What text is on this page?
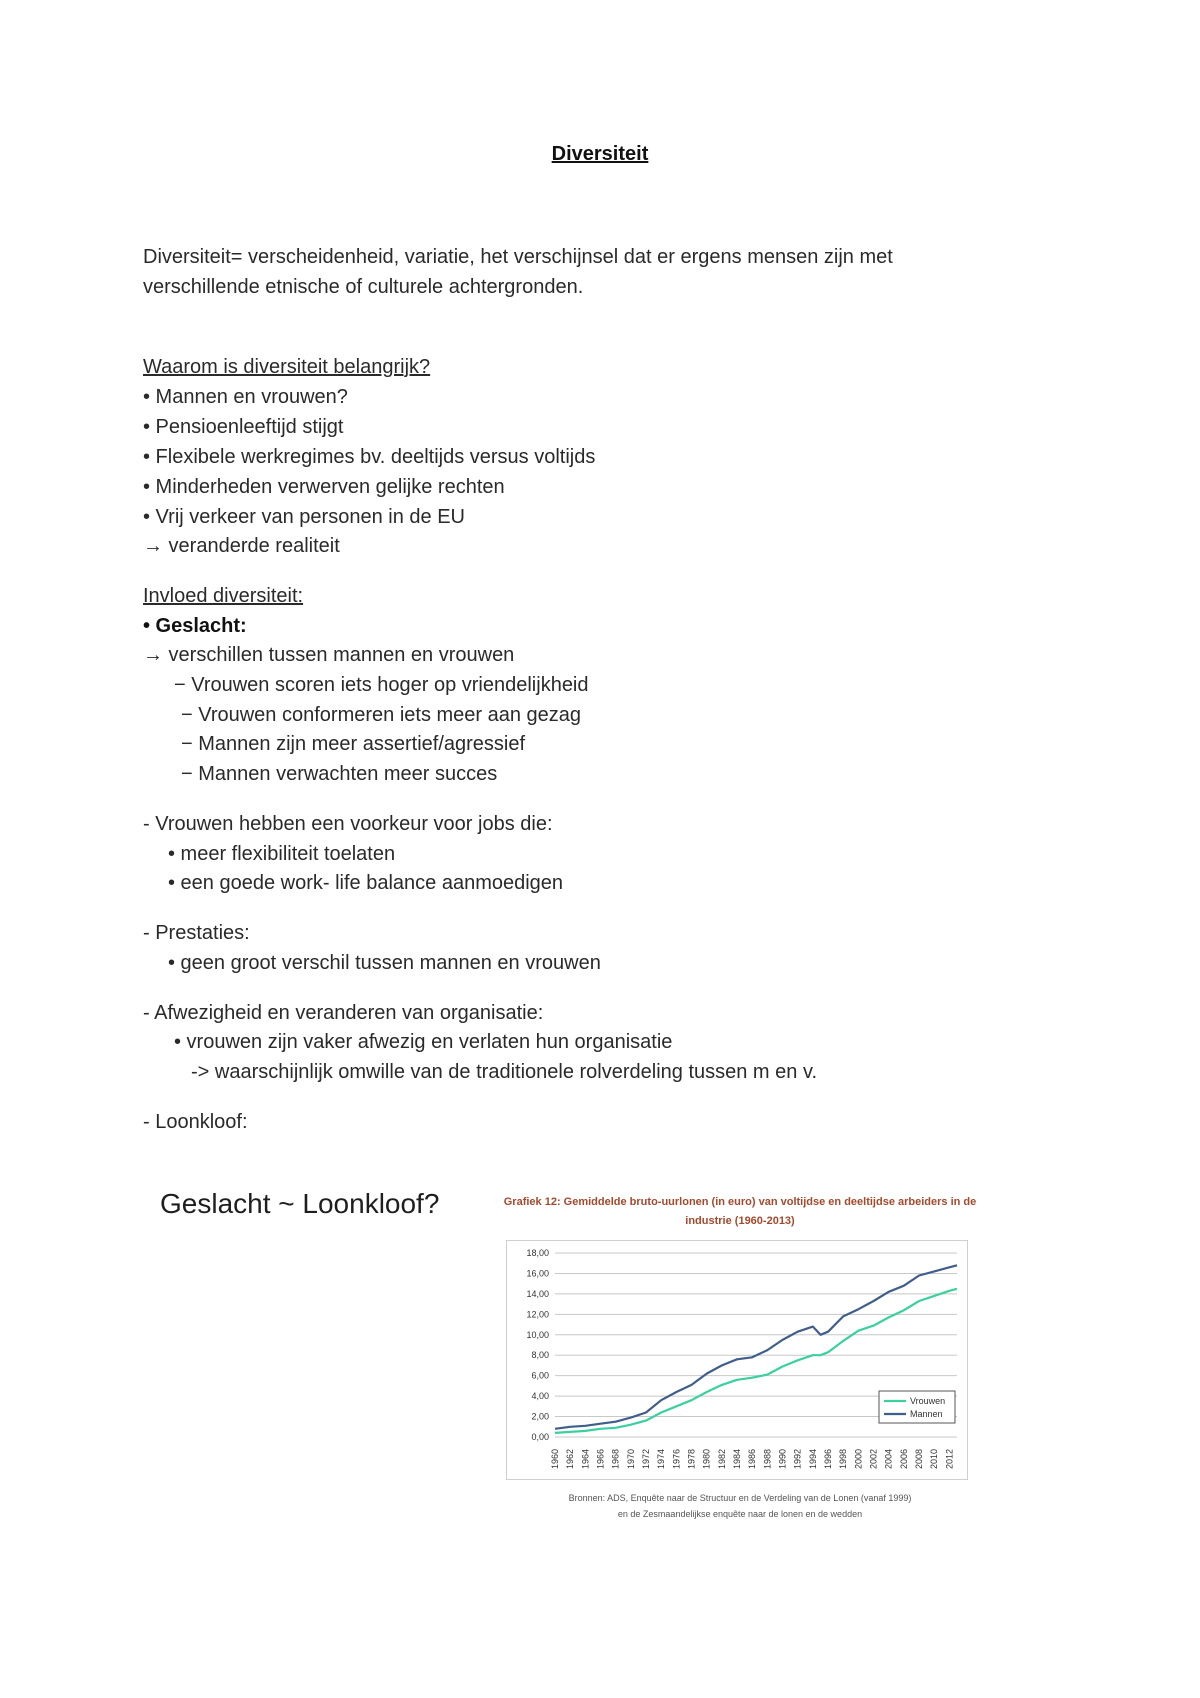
Diversiteit
Diversiteit= verscheidenheid, variatie, het verschijnsel dat er ergens mensen zijn met
verschillende etnische of culturele achtergronden.
Waarom is diversiteit belangrijk?
• Mannen en vrouwen?
• Pensioenleeftijd stijgt
• Flexibele werkregimes bv. deeltijds versus voltijds
• Minderheden verwerven gelijke rechten
• Vrij verkeer van personen in de EU
→ veranderde realiteit
Invloed diversiteit:
• Geslacht:
→ verschillen tussen mannen en vrouwen
− Vrouwen scoren iets hoger op vriendelijkheid
− Vrouwen conformeren iets meer aan gezag
− Mannen zijn meer assertief/agressief
− Mannen verwachten meer succes
- Vrouwen hebben een voorkeur voor jobs die:
• meer flexibiliteit toelaten
• een goede work- life balance aanmoedigen
- Prestaties:
• geen groot verschil tussen mannen en vrouwen
- Afwezigheid en veranderen van organisatie:
• vrouwen zijn vaker afwezig en verlaten hun organisatie
-> waarschijnlijk omwille van de traditionele rolverdeling tussen m en v.
- Loonkloof:
Geslacht ~ Loonkloof?	Grafiek 12: Gemiddelde bruto-uurlonen (in euro) van voltijdse en deeltijdse arbeiders in de
industrie (1960-2013)
0,00
2,00
4,00
6,00
8,00
10,00
12,00
14,00
16,00
18,00
1960 1962 1964 1966 1968 1970 1972 1974 1976 1978 1980 1982 1984 1986 1988 1990 1992 1994 1996 1998 2000 2002 2004 2006 2008 2010 2012
Vrouwen
Mannen
Bronnen: ADS, Enquête naar de Structuur en de Verdeling van de Lonen (vanaf 1999)
en de Zesmaandelijkse enquête naar de lonen en de wedden
